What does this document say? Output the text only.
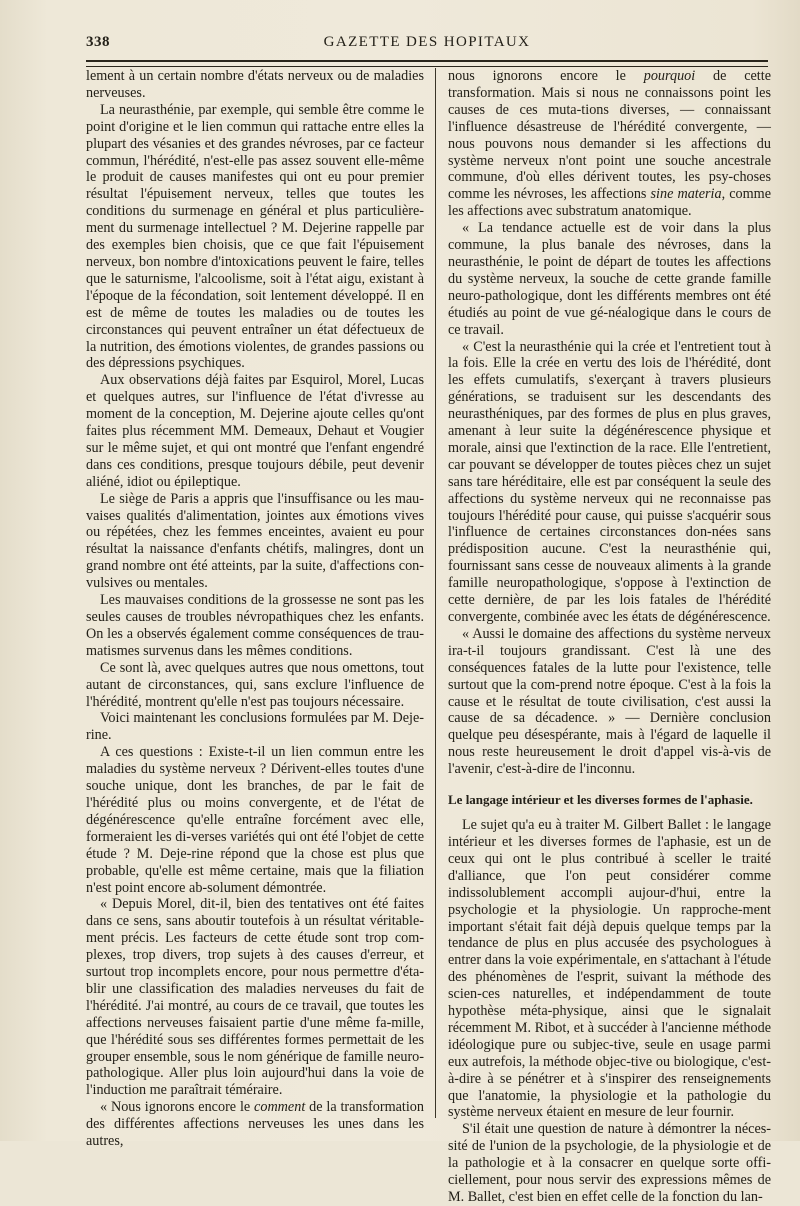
338	GAZETTE DES HOPITAUX

lement à un certain nombre d'états nerveux ou de maladies nerveuses.

La neurasthénie, par exemple, qui semble être comme le point d'origine et le lien commun qui rattache entre elles la plupart des vésanies et des grandes névroses, par ce facteur commun, l'hérédité, n'est-elle pas assez souvent elle-même le produit de causes manifestes qui ont eu pour premier résultat l'épuisement nerveux, telles que toutes les conditions du surmenage en général et plus particulière-ment du surmenage intellectuel ? M. Dejerine rappelle par des exemples bien choisis, que ce que fait l'épuisement nerveux, bon nombre d'intoxications peuvent le faire, telles que le saturnisme, l'alcoolisme, soit à l'état aigu, existant à l'époque de la fécondation, soit lentement développé. Il en est de même de toutes les maladies ou de toutes les circonstances qui peuvent entraîner un état défectueux de la nutrition, des émotions violentes, de grandes passions ou des dépressions psychiques.

Aux observations déjà faites par Esquirol, Morel, Lucas et quelques autres, sur l'influence de l'état d'ivresse au moment de la conception, M. Dejerine ajoute celles qu'ont faites plus récemment MM. Demeaux, Dehaut et Vougier sur le même sujet, et qui ont montré que l'enfant engendré dans ces conditions, presque toujours débile, peut devenir aliéné, idiot ou épileptique.

Le siège de Paris a appris que l'insuffisance ou les mau-vaises qualités d'alimentation, jointes aux émotions vives ou répétées, chez les femmes enceintes, avaient eu pour résultat la naissance d'enfants chétifs, malingres, dont un grand nombre ont été atteints, par la suite, d'affections con-vulsives ou mentales.

Les mauvaises conditions de la grossesse ne sont pas les seules causes de troubles névropathiques chez les enfants. On les a observés également comme conséquences de trau-matismes survenus dans les mêmes conditions.

Ce sont là, avec quelques autres que nous omettons, tout autant de circonstances, qui, sans exclure l'influence de l'hérédité, montrent qu'elle n'est pas toujours nécessaire.

Voici maintenant les conclusions formulées par M. Deje-rine.

A ces questions : Existe-t-il un lien commun entre les maladies du système nerveux ? Dérivent-elles toutes d'une souche unique, dont les branches, de par le fait de l'hérédité plus ou moins convergente, et de l'état de dégénérescence qu'elle entraîne forcément avec elle, formeraient les di-verses variétés qui ont été l'objet de cette étude ? M. Deje-rine répond que la chose est plus que probable, qu'elle est même certaine, mais que la filiation n'est point encore ab-solument démontrée.

« Depuis Morel, dit-il, bien des tentatives ont été faites dans ce sens, sans aboutir toutefois à un résultat véritable-ment précis. Les facteurs de cette étude sont trop com-plexes, trop divers, trop sujets à des causes d'erreur, et surtout trop incomplets encore, pour nous permettre d'éta-blir une classification des maladies nerveuses du fait de l'hérédité. J'ai montré, au cours de ce travail, que toutes les affections nerveuses faisaient partie d'une même fa-mille, que l'hérédité sous ses différentes formes permettait de les grouper ensemble, sous le nom générique de famille neuro-pathologique. Aller plus loin aujourd'hui dans la voie de l'induction me paraîtrait téméraire.

« Nous ignorons encore le comment de la transformation des différentes affections nerveuses les unes dans les autres,

nous ignorons encore le pourquoi de cette transformation. Mais si nous ne connaissons point les causes de ces muta-tions diverses, — connaissant l'influence désastreuse de l'hérédité convergente, — nous pouvons nous demander si les affections du système nerveux n'ont point une souche ancestrale commune, d'où elles dérivent toutes, les psy-choses comme les névroses, les affections sine materia, comme les affections avec substratum anatomique.

« La tendance actuelle est de voir dans la plus commune, la plus banale des névroses, dans la neurasthénie, le point de départ de toutes les affections du système nerveux, la souche de cette grande famille neuro-pathologique, dont les différents membres ont été étudiés au point de vue gé-néalogique dans le cours de ce travail.

« C'est la neurasthénie qui la crée et l'entretient tout à la fois. Elle la crée en vertu des lois de l'hérédité, dont les effets cumulatifs, s'exerçant à travers plusieurs générations, se traduisent sur les descendants des neurasthéniques, par des formes de plus en plus graves, amenant à leur suite la dégénérescence physique et morale, ainsi que l'extinction de la race. Elle l'entretient, car pouvant se développer de toutes pièces chez un sujet sans tare héréditaire, elle est par conséquent la seule des affections du système nerveux qui ne reconnaisse pas toujours l'hérédité pour cause, qui puisse s'acquérir sous l'influence de certaines circonstances don-nées sans prédisposition aucune. C'est la neurasthénie qui, fournissant sans cesse de nouveaux aliments à la grande famille neuropathologique, s'oppose à l'extinction de cette dernière, de par les lois fatales de l'hérédité convergente, combinée avec les états de dégénérescence.

« Aussi le domaine des affections du système nerveux ira-t-il toujours grandissant. C'est là une des conséquences fatales de la lutte pour l'existence, telle surtout que la com-prend notre époque. C'est à la fois la cause et le résultat de toute civilisation, c'est aussi la cause de sa décadence. » — Dernière conclusion quelque peu désespérante, mais à l'égard de laquelle il nous reste heureusement le droit d'appel vis-à-vis de l'avenir, c'est-à-dire de l'inconnu.

Le langage intérieur et les diverses formes de l'aphasie.

Le sujet qu'a eu à traiter M. Gilbert Ballet : le langage intérieur et les diverses formes de l'aphasie, est un de ceux qui ont le plus contribué à sceller le traité d'alliance, que l'on peut considérer comme indissolublement accompli aujour-d'hui, entre la psychologie et la physiologie. Un rapproche-ment important s'était fait déjà depuis quelque temps par la tendance de plus en plus accusée des psychologues à entrer dans la voie expérimentale, en s'attachant à l'étude des phénomènes de l'esprit, suivant la méthode des scien-ces naturelles, et indépendamment de toute hypothèse méta-physique, ainsi que le signalait récemment M. Ribot, et à succéder à l'ancienne méthode idéologique pure ou subjec-tive, seule en usage parmi eux autrefois, la méthode objec-tive ou biologique, c'est-à-dire à se pénétrer et à s'inspirer des renseignements que l'anatomie, la physiologie et la pathologie du système nerveux étaient en mesure de leur fournir.

S'il était une question de nature à démontrer la néces-sité de l'union de la psychologie, de la physiologie et de la pathologie et à la consacrer en quelque sorte offi-ciellement, pour nous servir des expressions mêmes de M. Ballet, c'est bien en effet celle de la fonction du lan-
